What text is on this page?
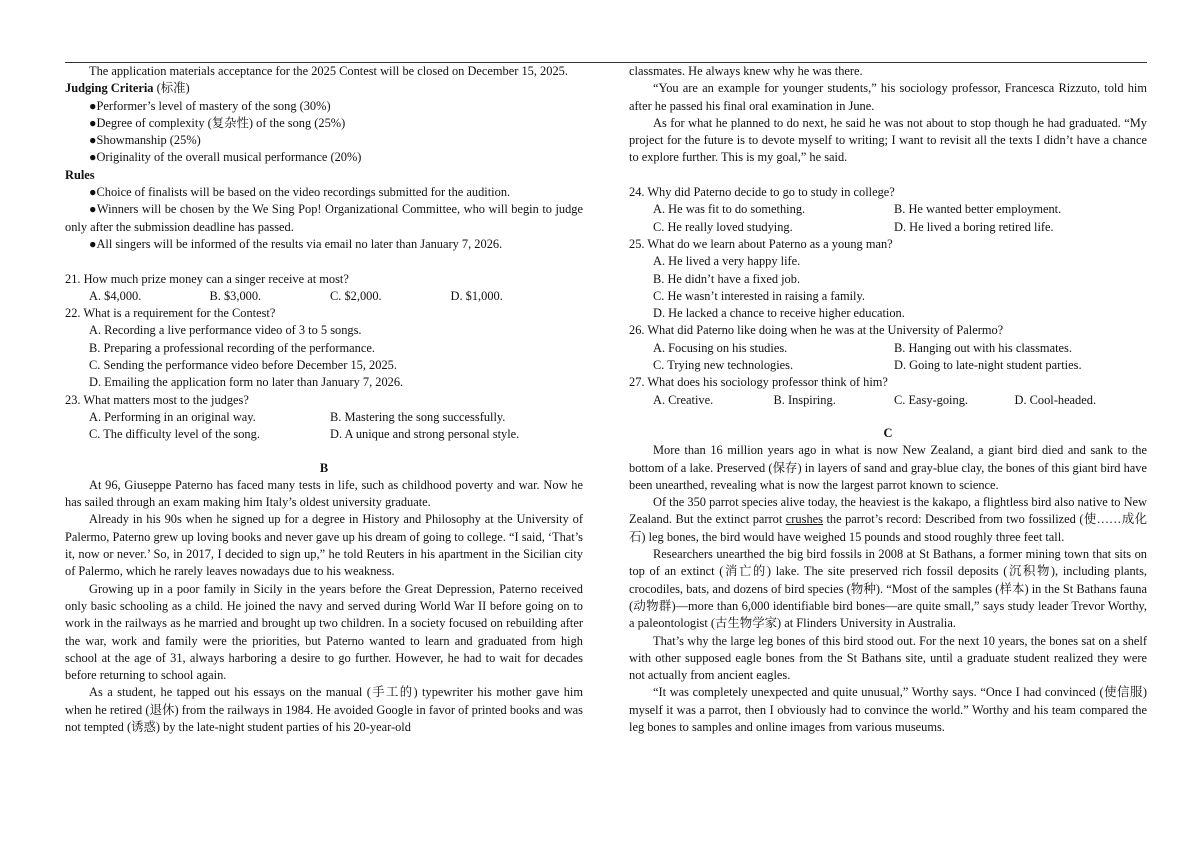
The application materials acceptance for the 2025 Contest will be closed on December 15, 2025.

Judging Criteria (标准)

●Performer’s level of mastery of the song (30%)

●Degree of complexity (复杂性) of the song (25%)

●Showmanship (25%)

●Originality of the overall musical performance (20%)

Rules

●Choice of finalists will be based on the video recordings submitted for the audition.

●Winners will be chosen by the We Sing Pop! Organizational Committee, who will begin to judge only after the submission deadline has passed.

●All singers will be informed of the results via email no later than January 7, 2026.

21. How much prize money can a singer receive at most?

A. $4,000.	B. $3,000.	C. $2,000.	D. $1,000.

22. What is a requirement for the Contest?

A. Recording a live performance video of 3 to 5 songs.

B. Preparing a professional recording of the performance.

C. Sending the performance video before December 15, 2025.

D. Emailing the application form no later than January 7, 2026.

23. What matters most to the judges?

A. Performing in an original way.	B. Mastering the song successfully.
C. The difficulty level of the song.	D. A unique and strong personal style.

B

At 96, Giuseppe Paterno has faced many tests in life, such as childhood poverty and war. Now he has sailed through an exam making him Italy’s oldest university graduate.

Already in his 90s when he signed up for a degree in History and Philosophy at the University of Palermo, Paterno grew up loving books and never gave up his dream of going to college. “I said, ‘That’s it, now or never.’ So, in 2017, I decided to sign up,” he told Reuters in his apartment in the Sicilian city of Palermo, which he rarely leaves nowadays due to his weakness.

Growing up in a poor family in Sicily in the years before the Great Depression, Paterno received only basic schooling as a child. He joined the navy and served during World War II before going on to work in the railways as he married and brought up two children. In a society focused on rebuilding after the war, work and family were the priorities, but Paterno wanted to learn and graduated from high school at the age of 31, always harboring a desire to go further. However, he had to wait for decades before returning to school again.

As a student, he tapped out his essays on the manual (手工的) typewriter his mother gave him when he retired (退休) from the railways in 1984. He avoided Google in favor of printed books and was not tempted (诱惑) by the late-night student parties of his 20-year-old

classmates. He always knew why he was there.

“You are an example for younger students,” his sociology professor, Francesca Rizzuto, told him after he passed his final oral examination in June.

As for what he planned to do next, he said he was not about to stop though he had graduated. “My project for the future is to devote myself to writing; I want to revisit all the texts I didn’t have a chance to explore further. This is my goal,” he said.

24. Why did Paterno decide to go to study in college?

A. He was fit to do something.	B. He wanted better employment.
C. He really loved studying.	D. He lived a boring retired life.

25. What do we learn about Paterno as a young man?

A. He lived a very happy life.

B. He didn’t have a fixed job.

C. He wasn’t interested in raising a family.

D. He lacked a chance to receive higher education.

26. What did Paterno like doing when he was at the University of Palermo?

A. Focusing on his studies.	B. Hanging out with his classmates.
C. Trying new technologies.	D. Going to late-night student parties.

27. What does his sociology professor think of him?

A. Creative.	B. Inspiring.	C. Easy-going.	D. Cool-headed.

C

More than 16 million years ago in what is now New Zealand, a giant bird died and sank to the bottom of a lake. Preserved (保存) in layers of sand and gray-blue clay, the bones of this giant bird have been unearthed, revealing what is now the largest parrot known to science.

Of the 350 parrot species alive today, the heaviest is the kakapo, a flightless bird also native to New Zealand. But the extinct parrot crushes the parrot’s record: Described from two fossilized (使……成化石) leg bones, the bird would have weighed 15 pounds and stood roughly three feet tall.

Researchers unearthed the big bird fossils in 2008 at St Bathans, a former mining town that sits on top of an extinct (消亡的) lake. The site preserved rich fossil deposits (沉积物), including plants, crocodiles, bats, and dozens of bird species (物种). “Most of the samples (样本) in the St Bathans fauna (动物群)—more than 6,000 identifiable bird bones—are quite small,” says study leader Trevor Worthy, a paleontologist (古生物学家) at Flinders University in Australia.

That’s why the large leg bones of this bird stood out. For the next 10 years, the bones sat on a shelf with other supposed eagle bones from the St Bathans site, until a graduate student realized they were not actually from ancient eagles.

“It was completely unexpected and quite unusual,” Worthy says. “Once I had convinced (使信服) myself it was a parrot, then I obviously had to convince the world.” Worthy and his team compared the leg bones to samples and online images from various museums.
